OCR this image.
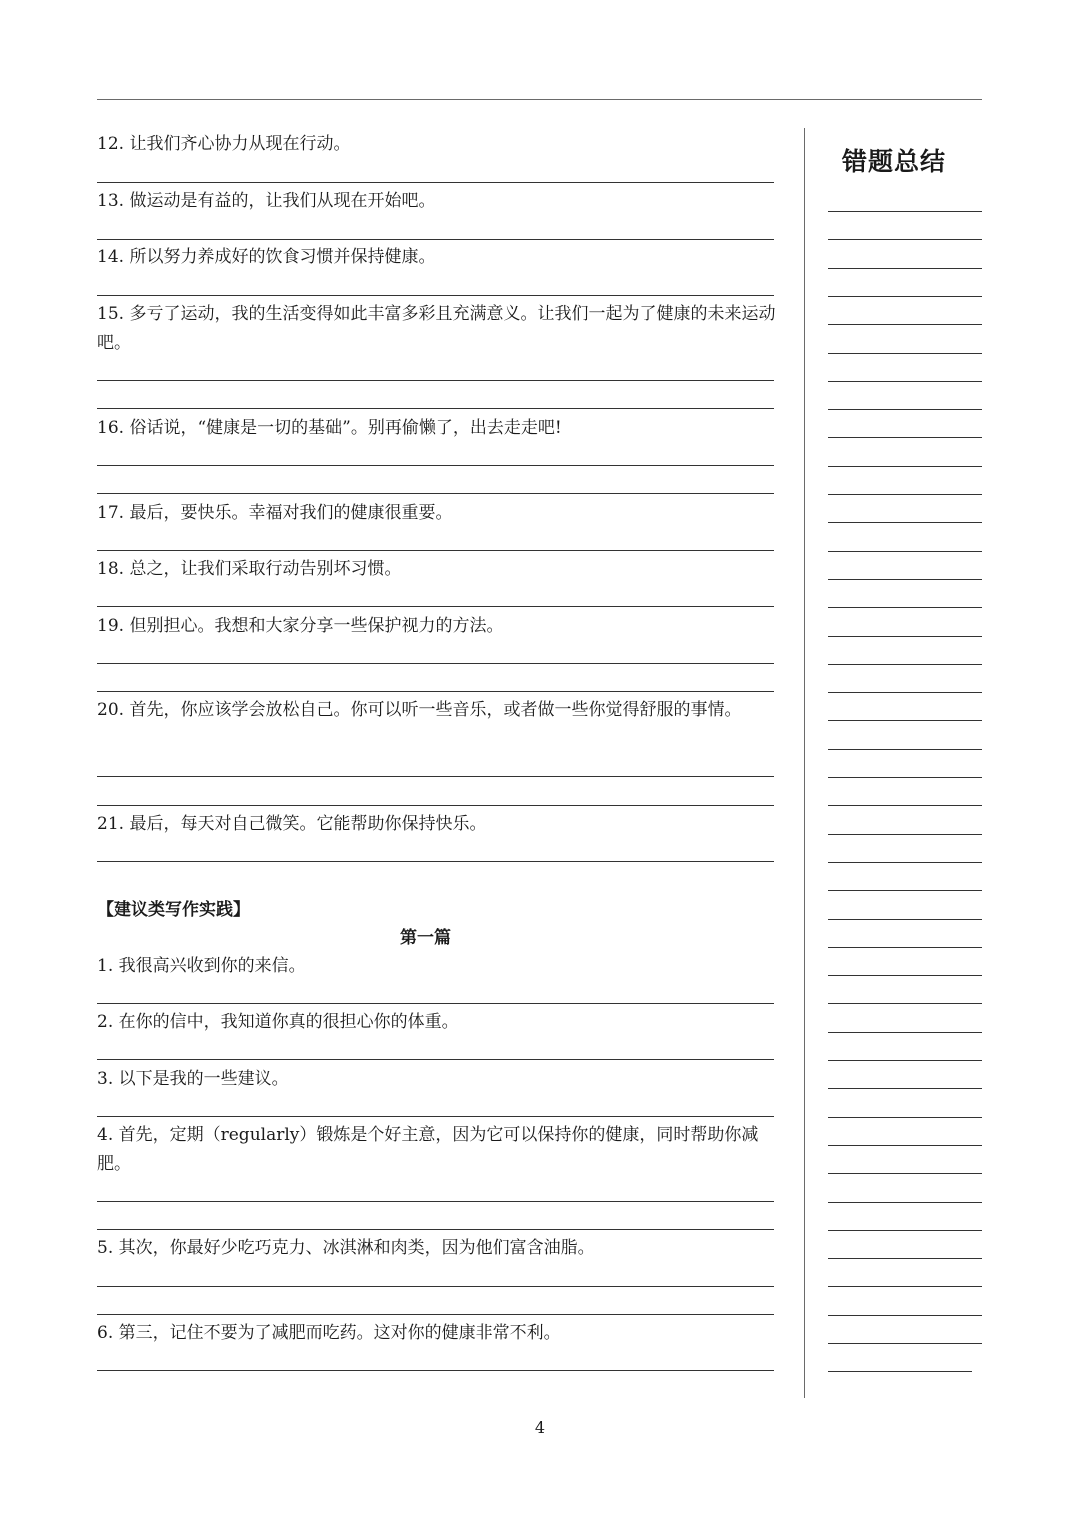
12. 让我们齐心协力从现在行动。
13. 做运动是有益的，让我们从现在开始吧。
14. 所以努力养成好的饮食习惯并保持健康。
15. 多亏了运动，我的生活变得如此丰富多彩且充满意义。让我们一起为了健康的未来运动吧。
16. 俗话说，“健康是一切的基础”。别再偷懒了，出去走走吧!
17. 最后，要快乐。幸福对我们的健康很重要。
18. 总之，让我们采取行动告别坏习惯。
19. 但别担心。我想和大家分享一些保护视力的方法。
20. 首先，你应该学会放松自己。你可以听一些音乐，或者做一些你觉得舒服的事情。
21. 最后，每天对自己微笑。它能帮助你保持快乐。
【建议类写作实践】
第一篇
1. 我很高兴收到你的来信。
2. 在你的信中，我知道你真的很担心你的体重。
3. 以下是我的一些建议。
4. 首先，定期（regularly）锻炼是个好主意，因为它可以保持你的健康，同时帮助你减肥。
5. 其次，你最好少吃巧克力、冰淇淋和肉类，因为他们富含油脂。
6. 第三，记住不要为了减肥而吃药。这对你的健康非常不利。
错题总结
4
